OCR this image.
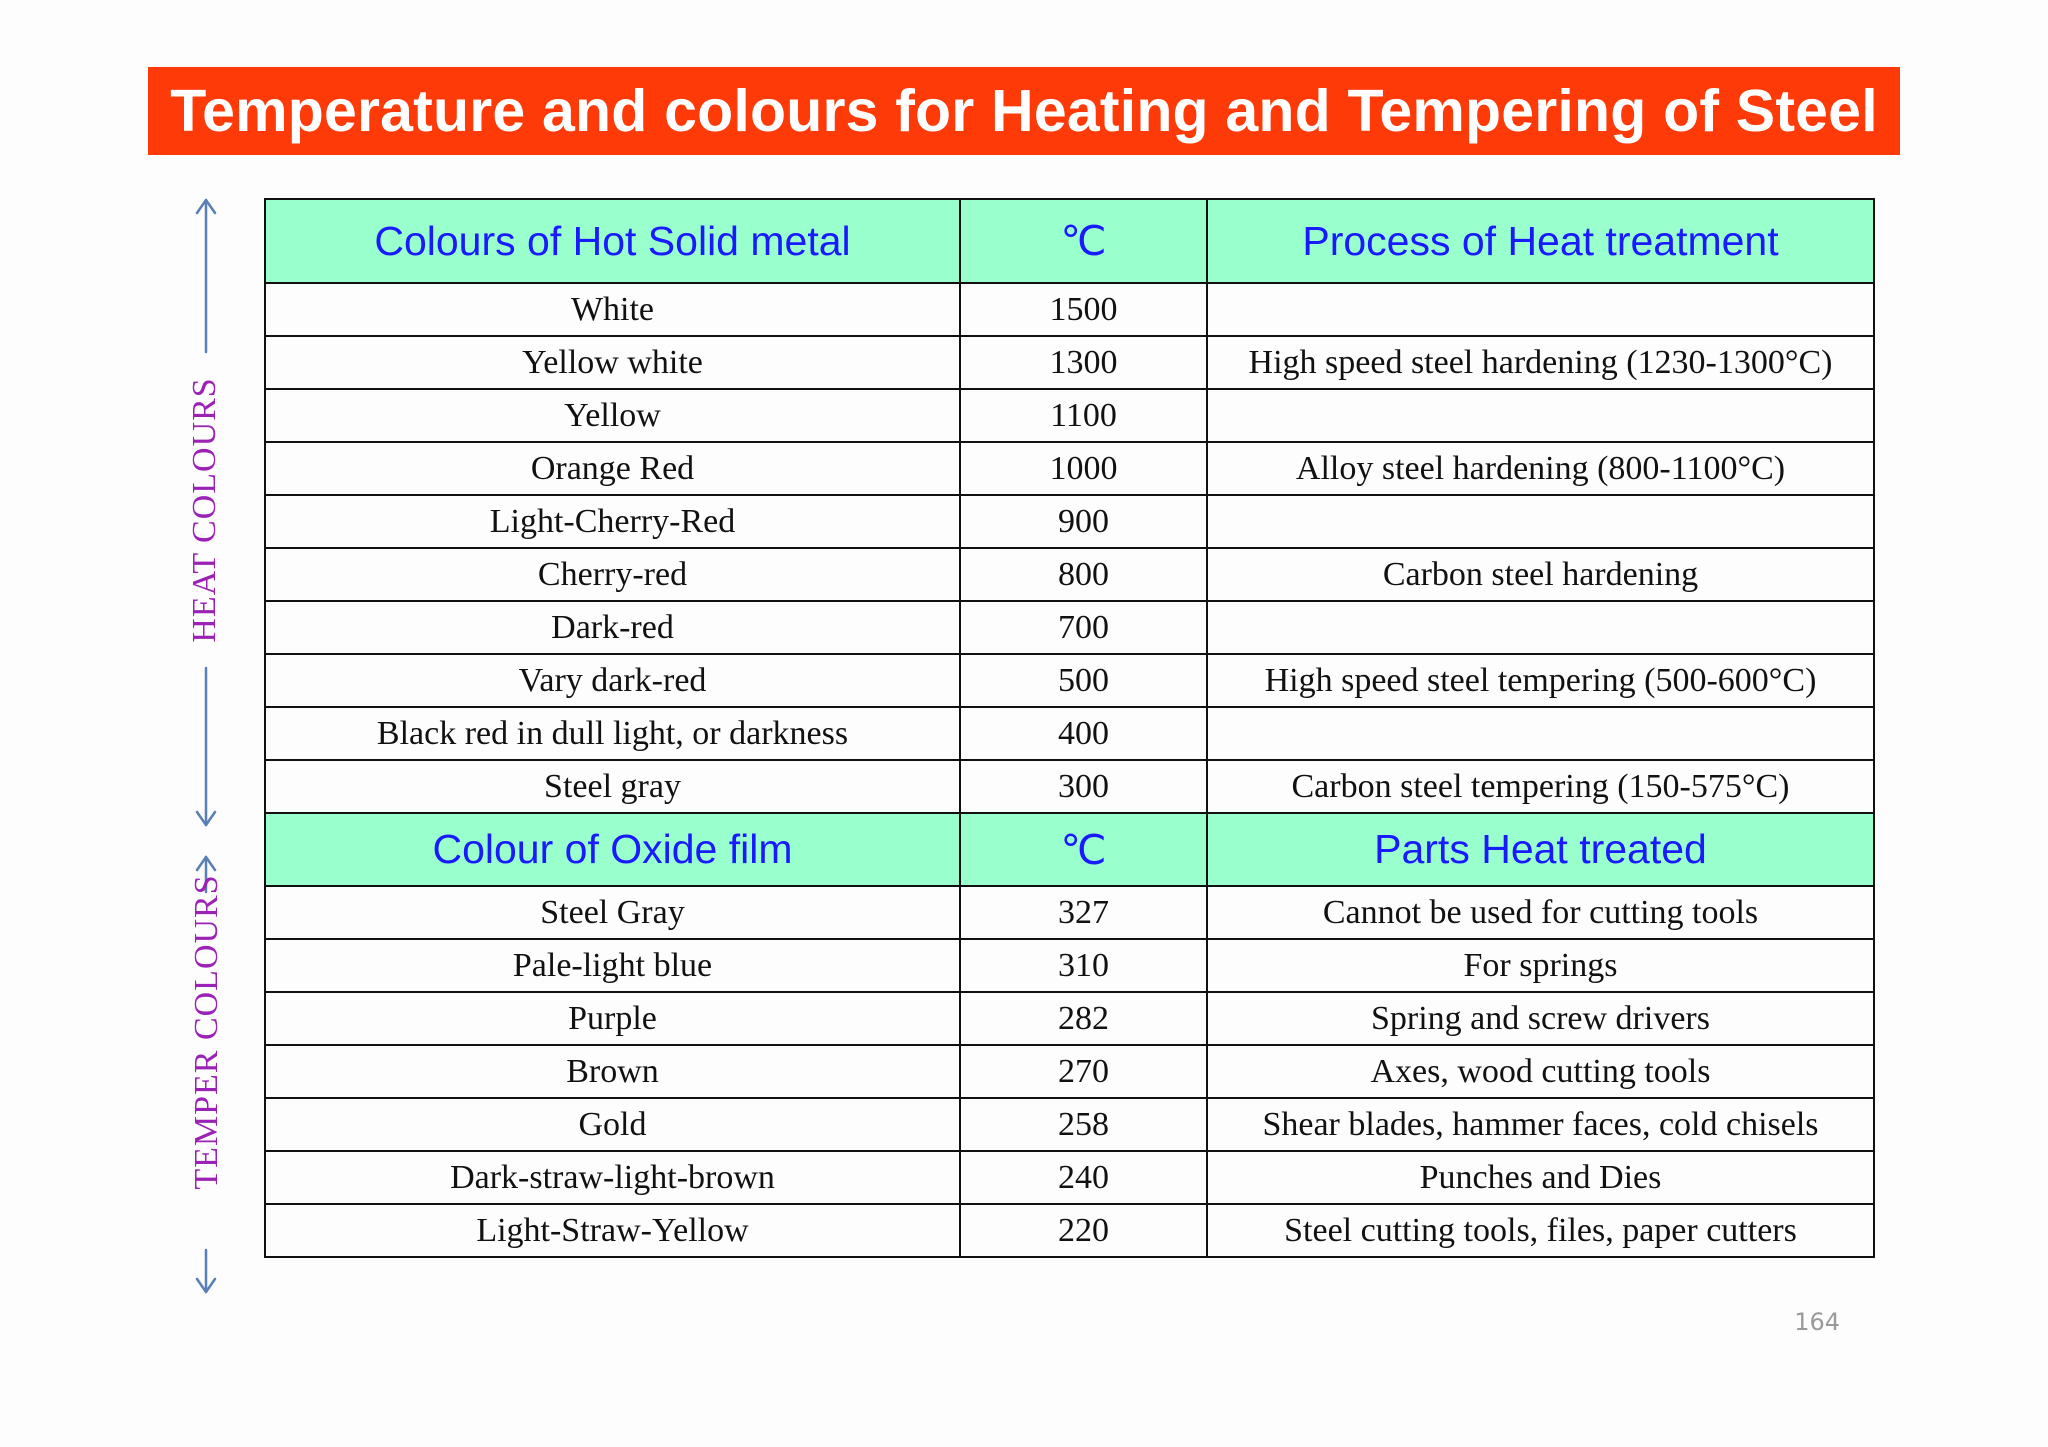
Temperature and colours for Heating and Tempering of Steel
HEAT COLOURS
TEMPER COLOURS
Colours of Hot Solid metal	℃	Process of Heat treatment
White	1500	
Yellow white	1300	High speed steel hardening (1230-1300°C)
Yellow	1100	
Orange Red	1000	Alloy steel hardening (800-1100°C)
Light-Cherry-Red	900	
Cherry-red	800	Carbon steel hardening
Dark-red	700	
Vary dark-red	500	High speed steel tempering (500-600°C)
Black red in dull light, or darkness	400	
Steel gray	300	Carbon steel tempering (150-575°C)
Colour of Oxide film	℃	Parts Heat treated
Steel Gray	327	Cannot be used for cutting tools
Pale-light blue	310	For springs
Purple	282	Spring and screw drivers
Brown	270	Axes, wood cutting tools
Gold	258	Shear blades, hammer faces, cold chisels
Dark-straw-light-brown	240	Punches and Dies
Light-Straw-Yellow	220	Steel cutting tools, files, paper cutters
164
